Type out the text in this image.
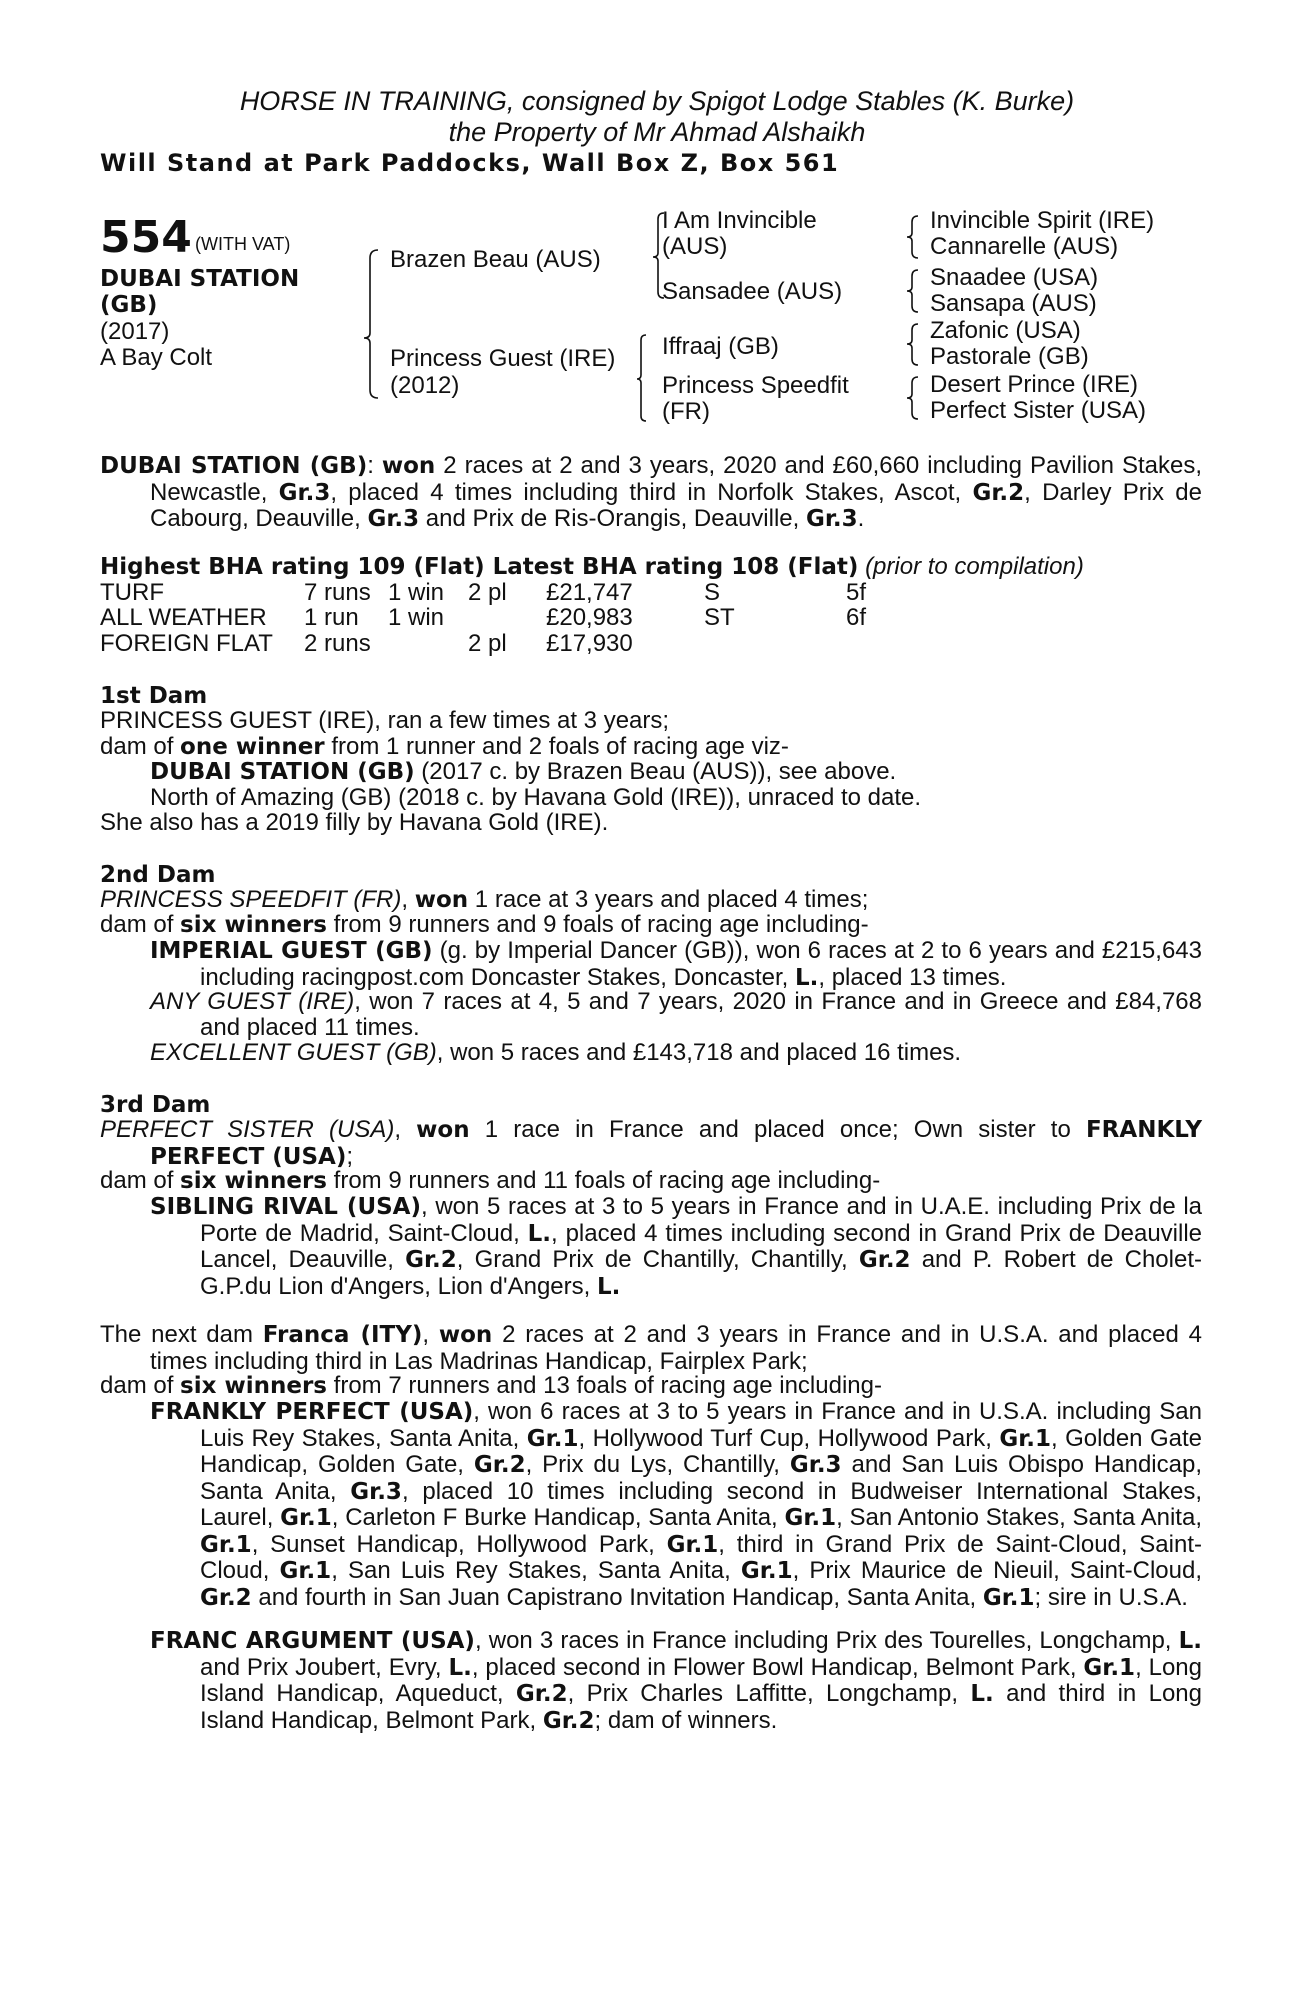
HORSE IN TRAINING, consigned by Spigot Lodge Stables (K. Burke)
the Property of Mr Ahmad Alshaikh
Will Stand at Park Paddocks, Wall Box Z, Box 561
554 (WITH VAT)
DUBAI STATION
(GB)
(2017)
A Bay Colt
Brazen Beau (AUS)
Princess Guest (IRE)
(2012)
I Am Invincible
(AUS)
Sansadee (AUS)
Iffraaj (GB)
Princess Speedfit
(FR)
Invincible Spirit (IRE)
Cannarelle (AUS)
Snaadee (USA)
Sansapa (AUS)
Zafonic (USA)
Pastorale (GB)
Desert Prince (IRE)
Perfect Sister (USA)
DUBAI STATION (GB): won 2 races at 2 and 3 years, 2020 and £60,660 including Pavilion Stakes, Newcastle, Gr.3, placed 4 times including third in Norfolk Stakes, Ascot, Gr.2, Darley Prix de Cabourg, Deauville, Gr.3 and Prix de Ris-Orangis, Deauville, Gr.3.
Highest BHA rating 109 (Flat) Latest BHA rating 108 (Flat) (prior to compilation)
TURF	7 runs 1 win 2 pl £21,747	S	5f
ALL WEATHER 1 run 1 win	£20,983	ST	6f
FOREIGN FLAT 2 runs	2 pl £17,930
1st Dam
PRINCESS GUEST (IRE), ran a few times at 3 years;
dam of one winner from 1 runner and 2 foals of racing age viz-
DUBAI STATION (GB) (2017 c. by Brazen Beau (AUS)), see above.
North of Amazing (GB) (2018 c. by Havana Gold (IRE)), unraced to date.
She also has a 2019 filly by Havana Gold (IRE).
2nd Dam
PRINCESS SPEEDFIT (FR), won 1 race at 3 years and placed 4 times;
dam of six winners from 9 runners and 9 foals of racing age including-
IMPERIAL GUEST (GB) (g. by Imperial Dancer (GB)), won 6 races at 2 to 6 years and £215,643 including racingpost.com Doncaster Stakes, Doncaster, L., placed 13 times.
ANY GUEST (IRE), won 7 races at 4, 5 and 7 years, 2020 in France and in Greece and £84,768 and placed 11 times.
EXCELLENT GUEST (GB), won 5 races and £143,718 and placed 16 times.
3rd Dam
PERFECT SISTER (USA), won 1 race in France and placed once; Own sister to FRANKLY PERFECT (USA);
dam of six winners from 9 runners and 11 foals of racing age including-
SIBLING RIVAL (USA), won 5 races at 3 to 5 years in France and in U.A.E. including Prix de la Porte de Madrid, Saint-Cloud, L., placed 4 times including second in Grand Prix de Deauville Lancel, Deauville, Gr.2, Grand Prix de Chantilly, Chantilly, Gr.2 and P. Robert de Cholet-G.P.du Lion d'Angers, Lion d'Angers, L.
The next dam Franca (ITY), won 2 races at 2 and 3 years in France and in U.S.A. and placed 4 times including third in Las Madrinas Handicap, Fairplex Park;
dam of six winners from 7 runners and 13 foals of racing age including-
FRANKLY PERFECT (USA), won 6 races at 3 to 5 years in France and in U.S.A. including San Luis Rey Stakes, Santa Anita, Gr.1, Hollywood Turf Cup, Hollywood Park, Gr.1, Golden Gate Handicap, Golden Gate, Gr.2, Prix du Lys, Chantilly, Gr.3 and San Luis Obispo Handicap, Santa Anita, Gr.3, placed 10 times including second in Budweiser International Stakes, Laurel, Gr.1, Carleton F Burke Handicap, Santa Anita, Gr.1, San Antonio Stakes, Santa Anita, Gr.1, Sunset Handicap, Hollywood Park, Gr.1, third in Grand Prix de Saint-Cloud, Saint-Cloud, Gr.1, San Luis Rey Stakes, Santa Anita, Gr.1, Prix Maurice de Nieuil, Saint-Cloud, Gr.2 and fourth in San Juan Capistrano Invitation Handicap, Santa Anita, Gr.1; sire in U.S.A.
FRANC ARGUMENT (USA), won 3 races in France including Prix des Tourelles, Longchamp, L. and Prix Joubert, Evry, L., placed second in Flower Bowl Handicap, Belmont Park, Gr.1, Long Island Handicap, Aqueduct, Gr.2, Prix Charles Laffitte, Longchamp, L. and third in Long Island Handicap, Belmont Park, Gr.2; dam of winners.
